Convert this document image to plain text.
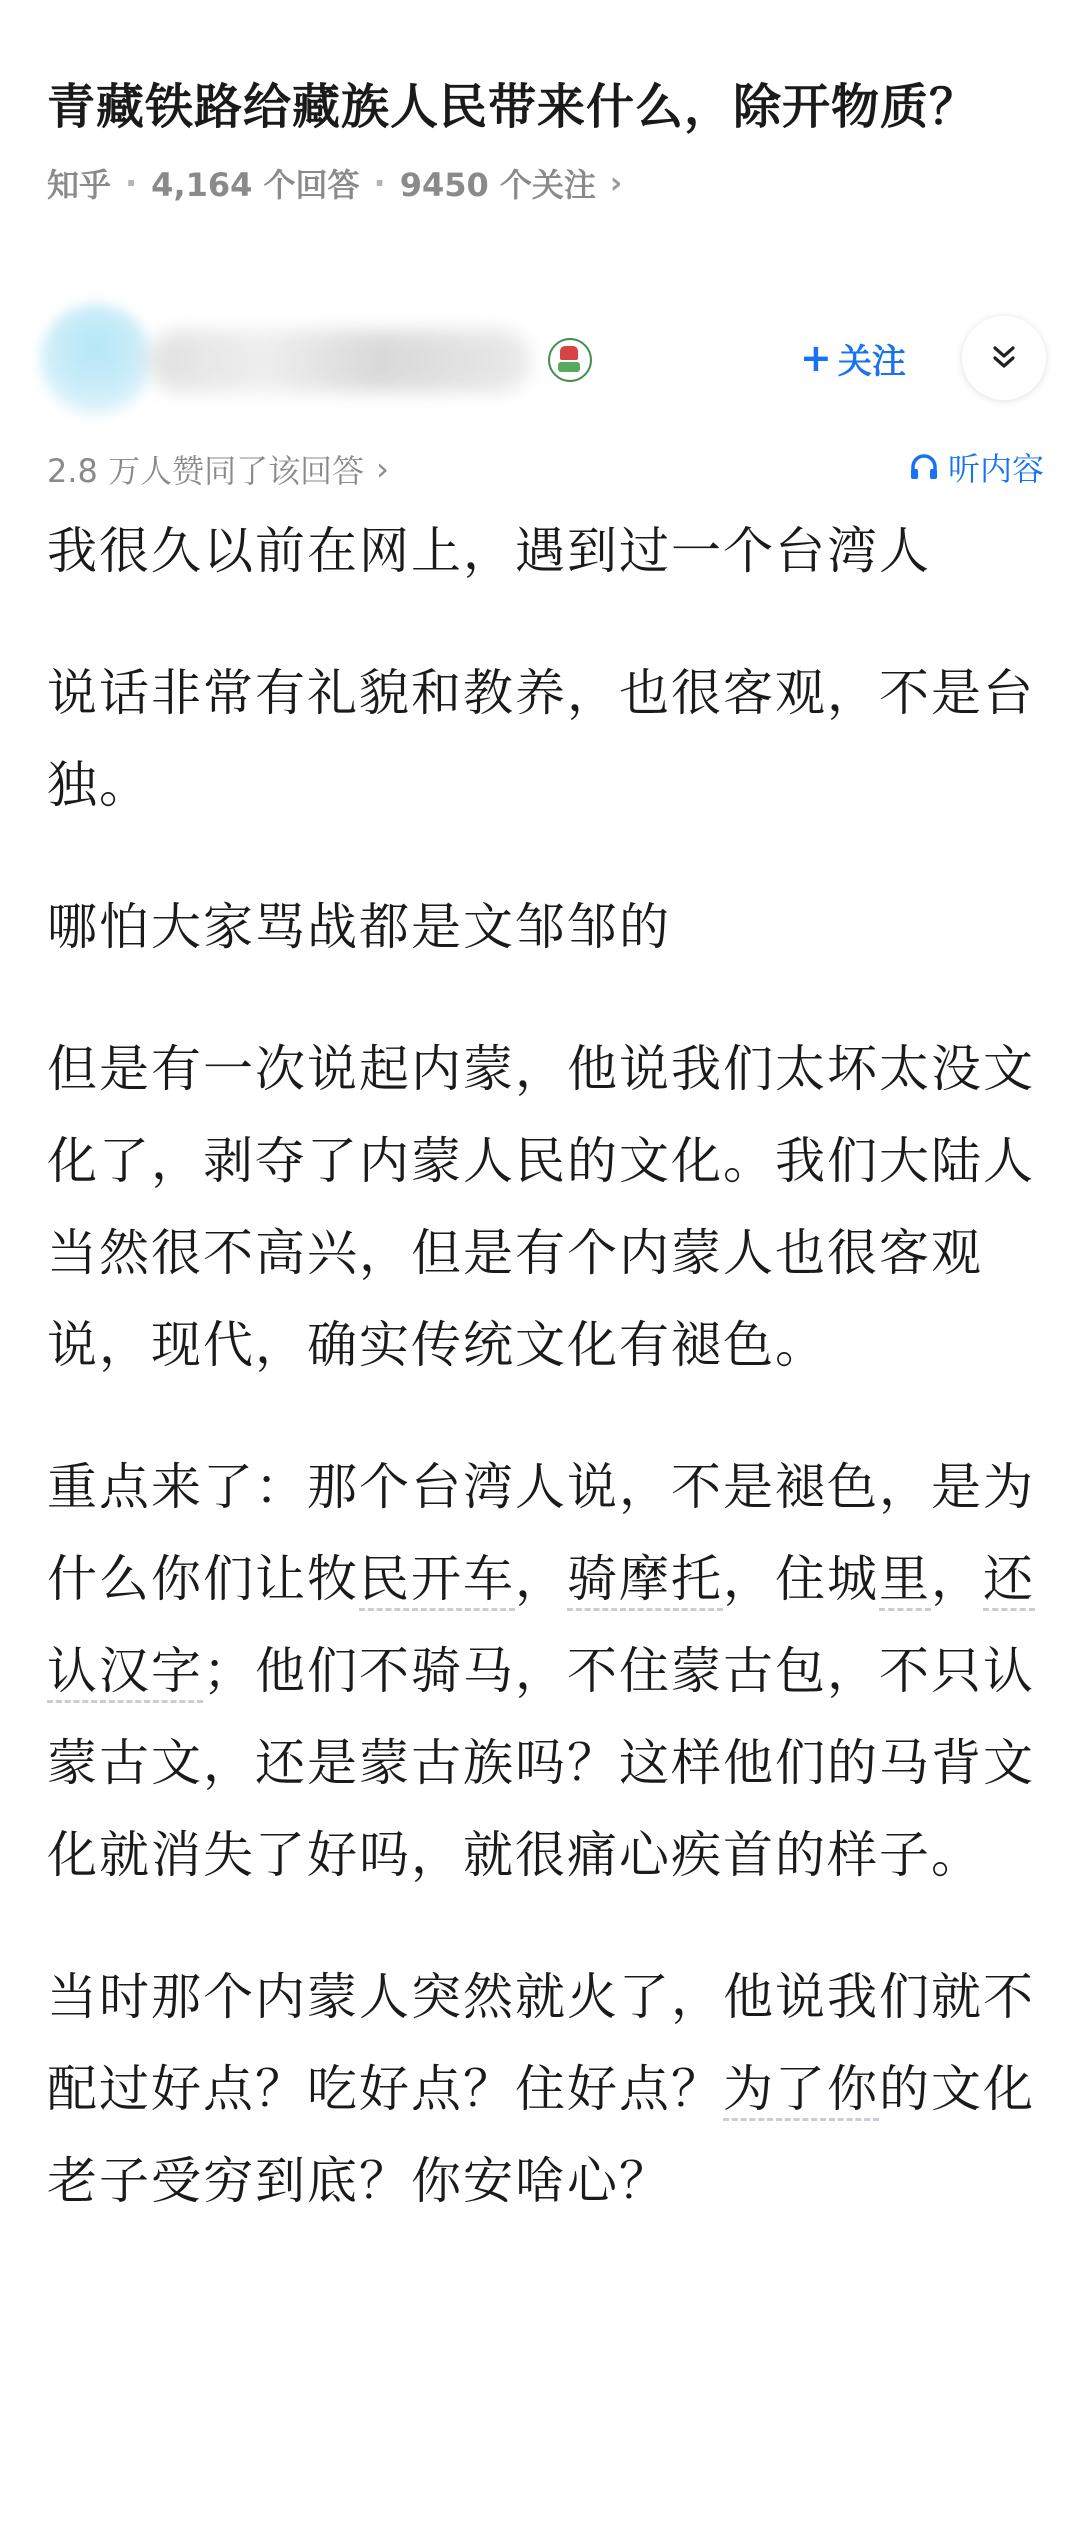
青藏铁路给藏族人民带来什么，除开物质？
知乎 · 4,164 个回答 · 9450 个关注 ›
+ 关注
2.8 万人赞同了该回答 ›	听内容

我很久以前在网上，遇到过一个台湾人

说话非常有礼貌和教养，也很客观，不是台独。

哪怕大家骂战都是文邹邹的

但是有一次说起内蒙，他说我们太坏太没文化了，剥夺了内蒙人民的文化。我们大陆人当然很不高兴，但是有个内蒙人也很客观说，现代，确实传统文化有褪色。

重点来了：那个台湾人说，不是褪色，是为什么你们让牧民开车，骑摩托，住城里，还认汉字；他们不骑马，不住蒙古包，不只认蒙古文，还是蒙古族吗？这样他们的马背文化就消失了好吗，就很痛心疾首的样子。

当时那个内蒙人突然就火了，他说我们就不配过好点？吃好点？住好点？为了你的文化老子受穷到底？你安啥心？
